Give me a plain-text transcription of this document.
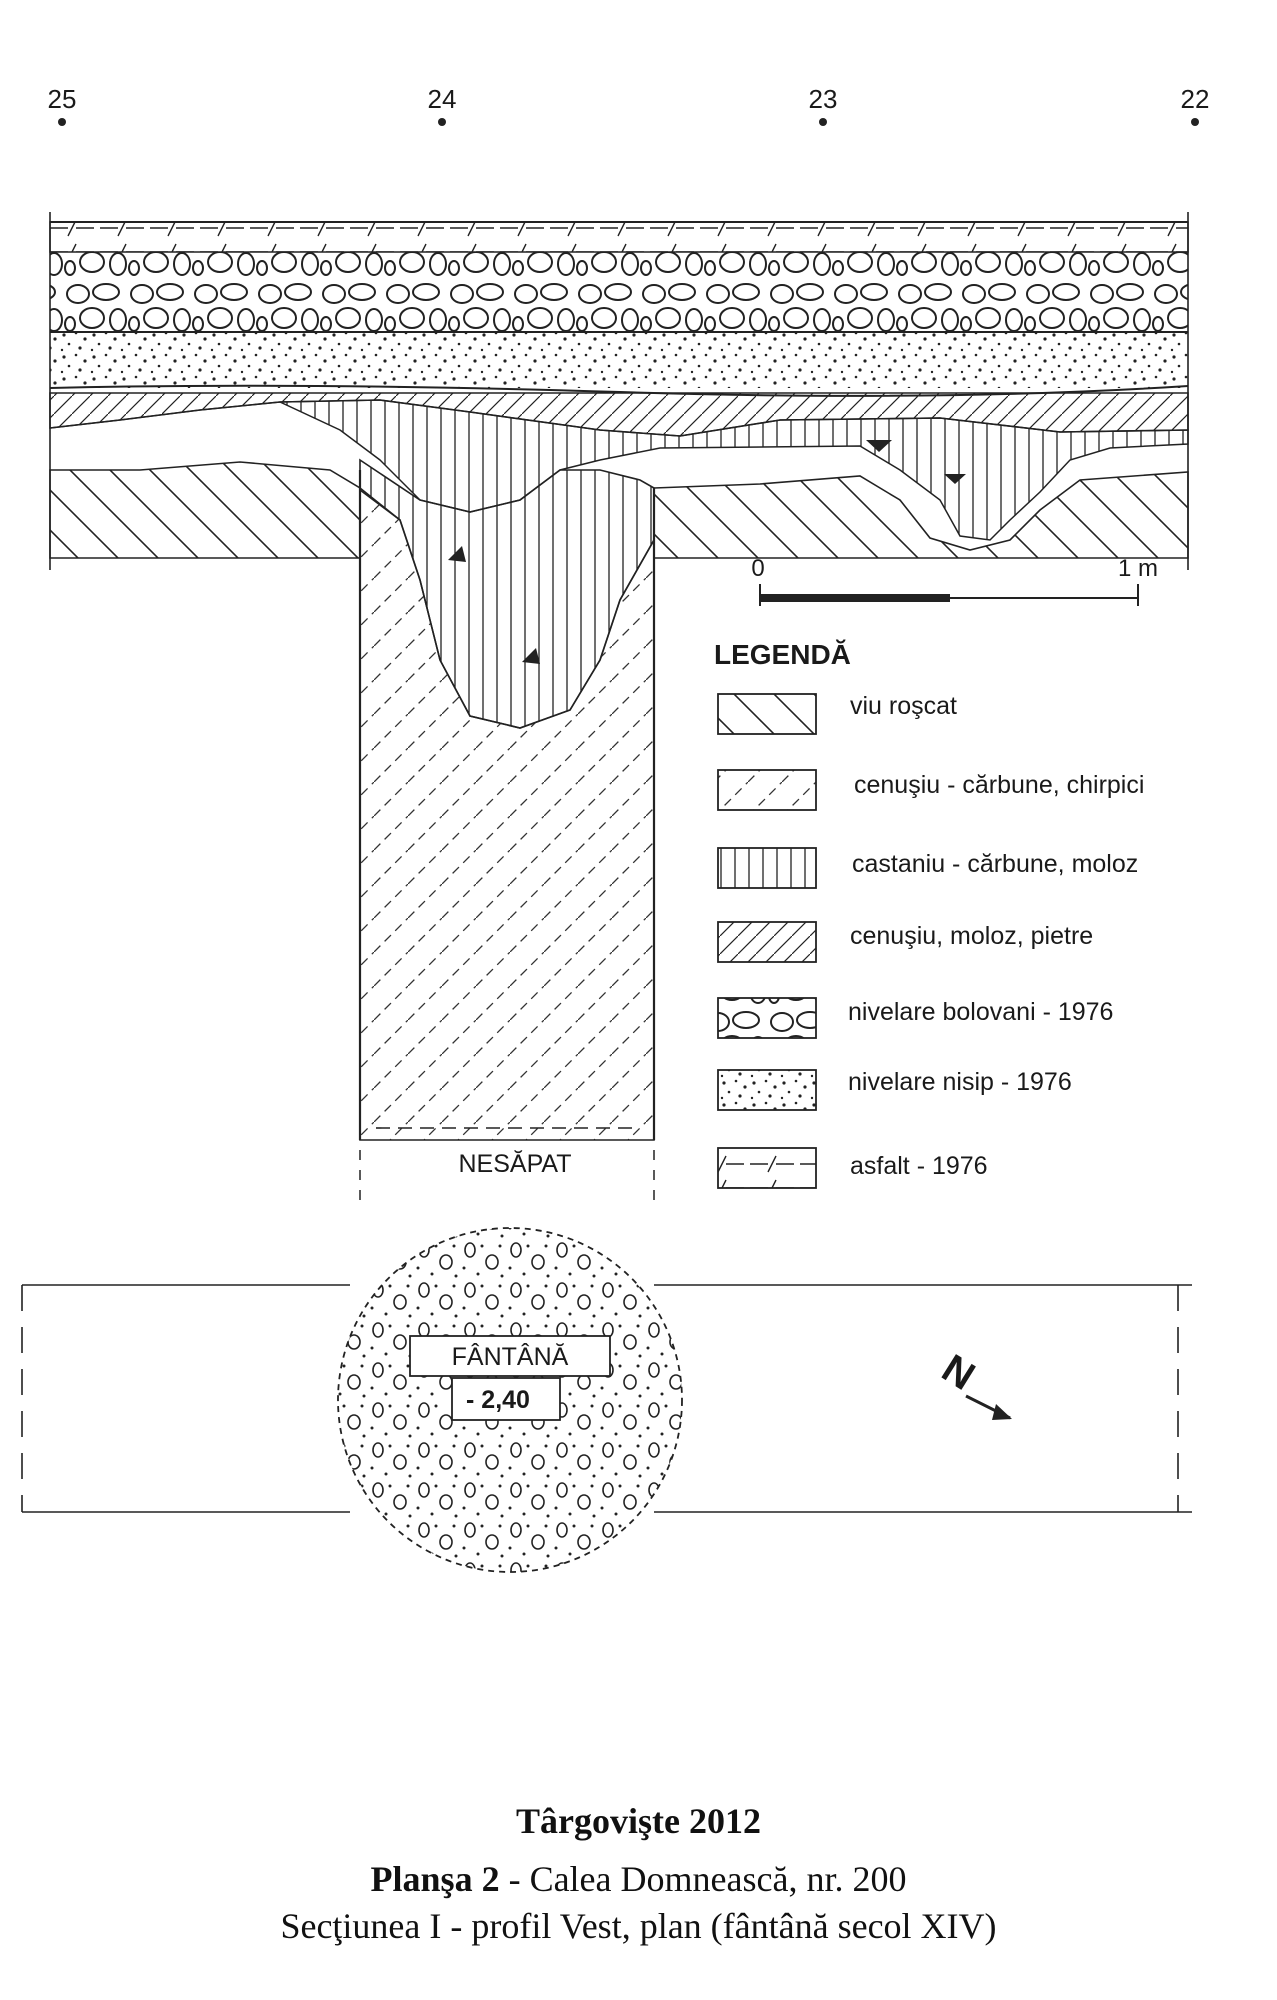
25	24	23	22
NESĂPAT
0	1 m
LEGENDĂ
viu roşcat
cenuşiu - cărbune, chirpici
castaniu - cărbune, moloz
cenuşiu, moloz, pietre
nivelare bolovani - 1976
nivelare nisip - 1976
asfalt - 1976
FÂNTÂNĂ
- 2,40
N
Târgovişte 2012
Planşa 2 - Calea Domnească, nr. 200
Secţiunea I - profil Vest, plan (fântână secol XIV)
